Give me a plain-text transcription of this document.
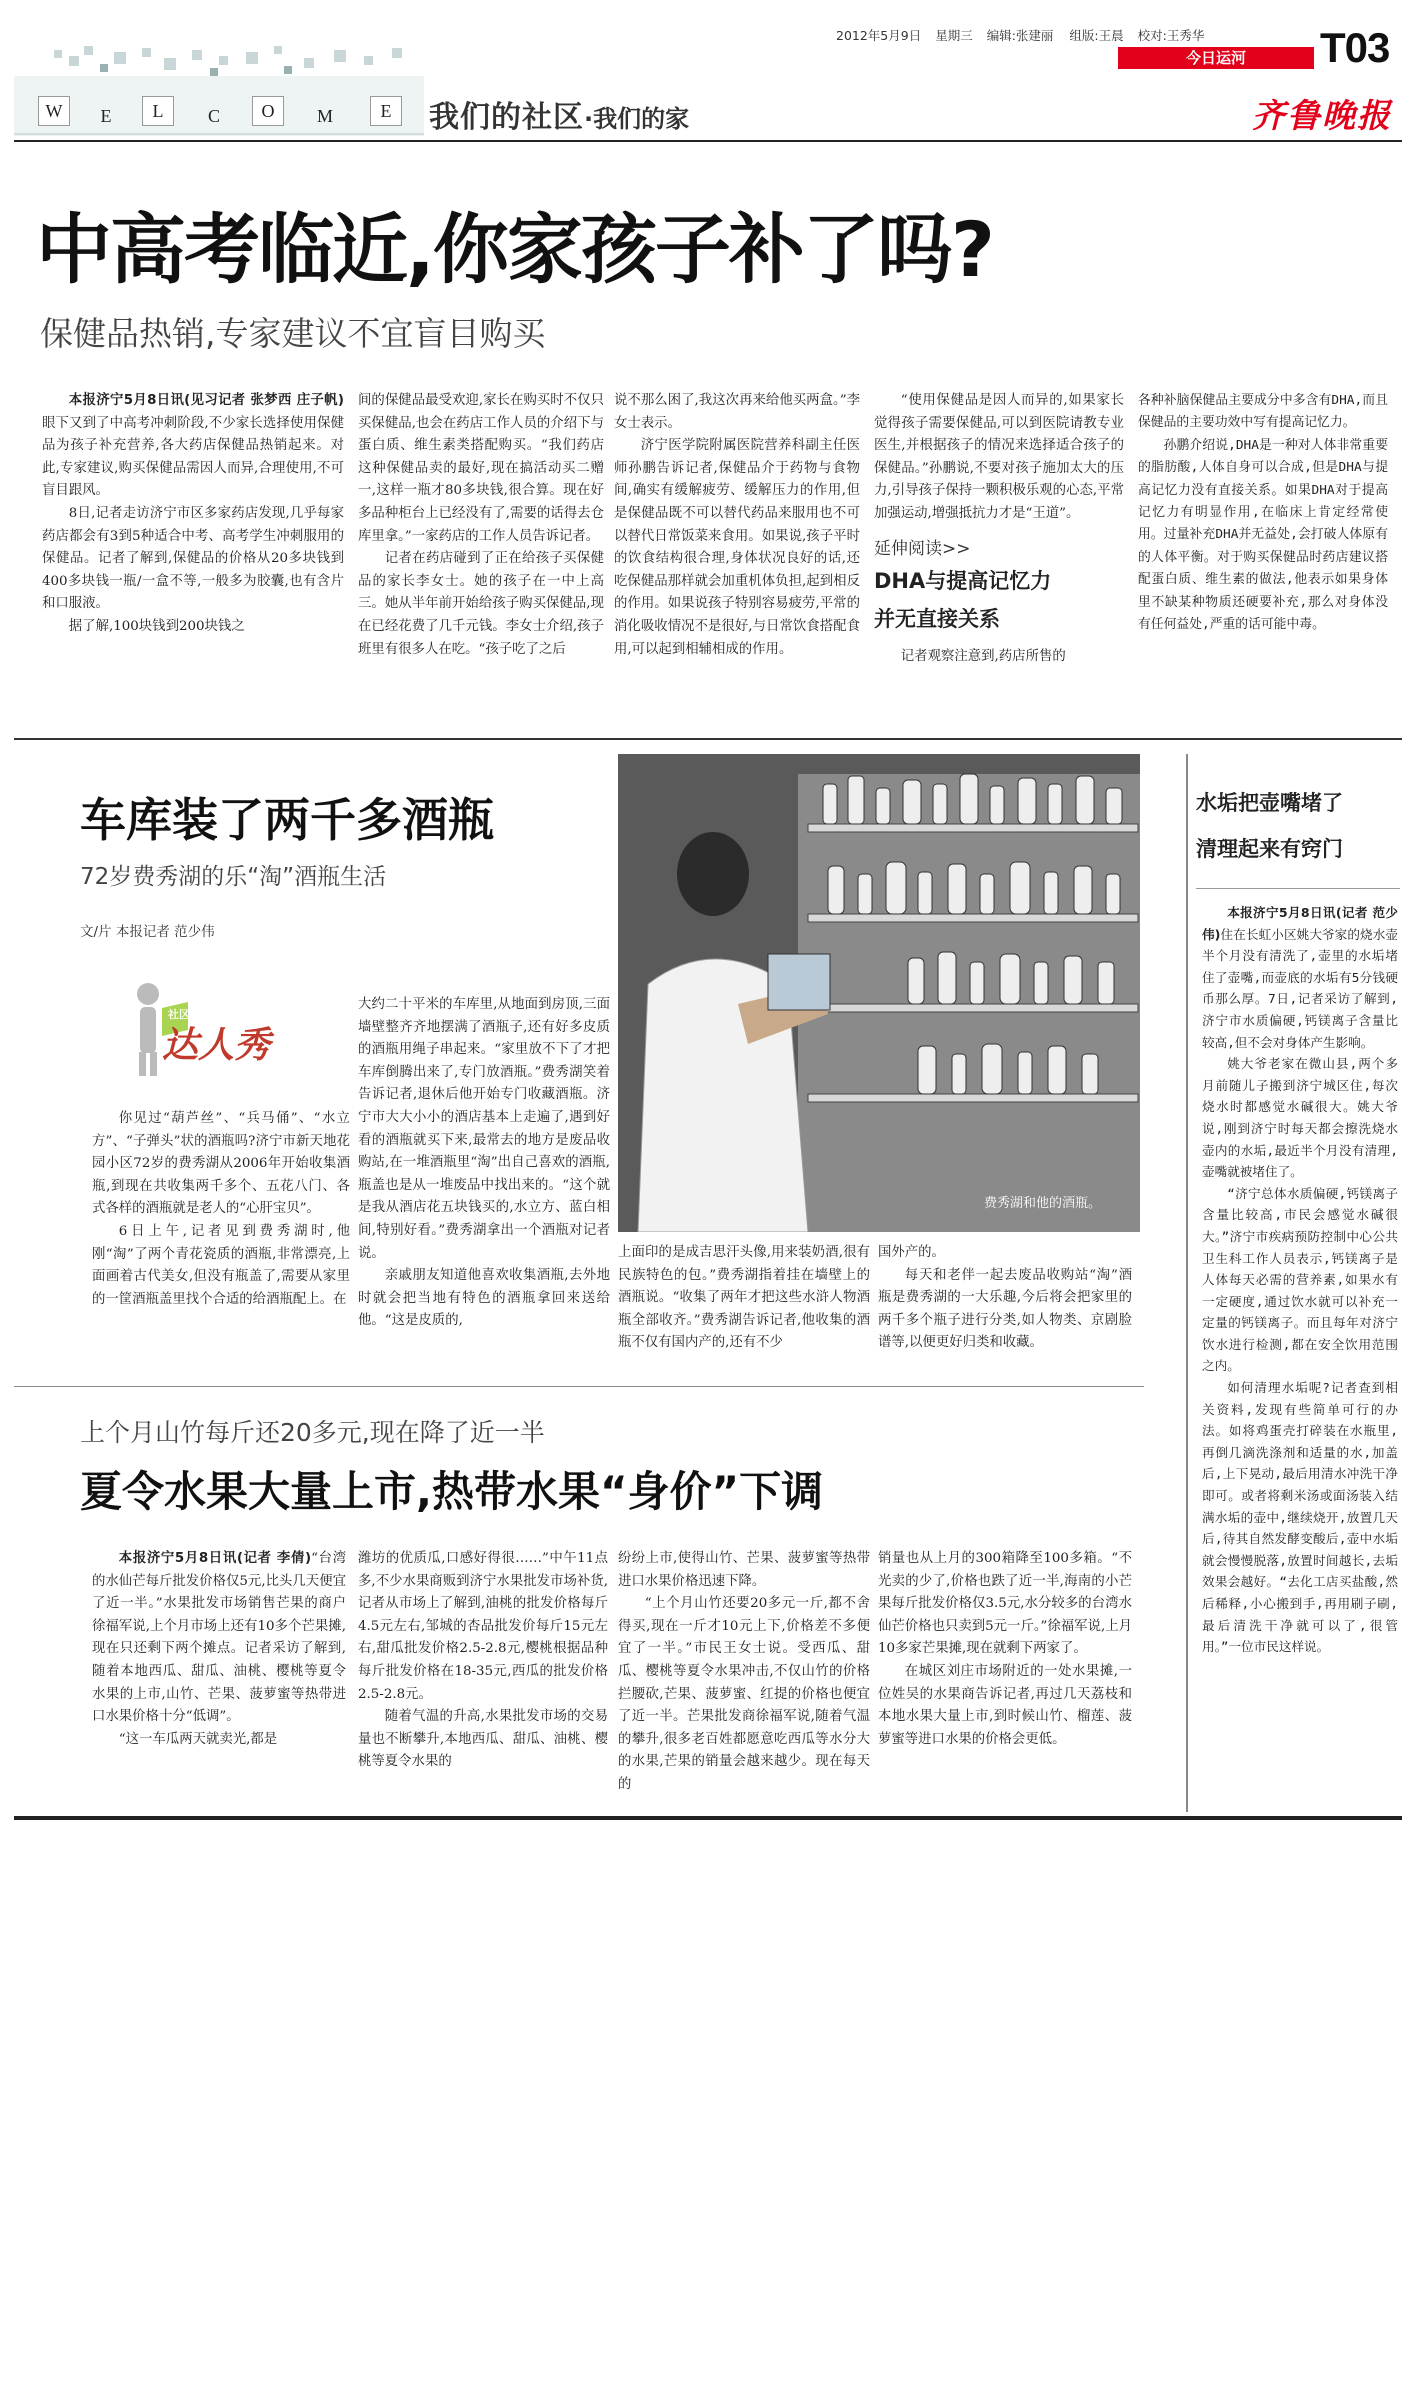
2012年5月9日 星期三 编辑:张建丽 组版:王晨 校对:王秀华
今日运河	T03
W	E	L	C	O	M	E	我们的社区·我们的家	齐鲁晚报
中高考临近,你家孩子补了吗?
保健品热销,专家建议不宜盲目购买

本报济宁5月8日讯(见习记者 张梦西 庄子帆)眼下又到了中高考冲刺阶段,不少家长选择使用保健品为孩子补充营养,各大药店保健品热销起来。对此,专家建议,购买保健品需因人而异,合理使用,不可盲目跟风。

8日,记者走访济宁市区多家药店发现,几乎每家药店都会有3到5种适合中考、高考学生冲刺服用的保健品。记者了解到,保健品的价格从20多块钱到400多块钱一瓶/一盒不等,一般多为胶囊,也有含片和口服液。

据了解,100块钱到200块钱之

间的保健品最受欢迎,家长在购买时不仅只买保健品,也会在药店工作人员的介绍下与蛋白质、维生素类搭配购买。“我们药店这种保健品卖的最好,现在搞活动买二赠一,这样一瓶才80多块钱,很合算。现在好多品种柜台上已经没有了,需要的话得去仓库里拿。”一家药店的工作人员告诉记者。

记者在药店碰到了正在给孩子买保健品的家长李女士。她的孩子在一中上高三。她从半年前开始给孩子购买保健品,现在已经花费了几千元钱。李女士介绍,孩子班里有很多人在吃。“孩子吃了之后

说不那么困了,我这次再来给他买两盒。”李女士表示。

济宁医学院附属医院营养科副主任医师孙鹏告诉记者,保健品介于药物与食物间,确实有缓解疲劳、缓解压力的作用,但是保健品既不可以替代药品来服用也不可以替代日常饭菜来食用。如果说,孩子平时的饮食结构很合理,身体状况良好的话,还吃保健品那样就会加重机体负担,起到相反的作用。如果说孩子特别容易疲劳,平常的消化吸收情况不是很好,与日常饮食搭配食用,可以起到相辅相成的作用。

“使用保健品是因人而异的,如果家长觉得孩子需要保健品,可以到医院请教专业医生,并根据孩子的情况来选择适合孩子的保健品。”孙鹏说,不要对孩子施加太大的压力,引导孩子保持一颗积极乐观的心态,平常加强运动,增强抵抗力才是“王道”。

延伸阅读>>
DHA与提高记忆力
并无直接关系

记者观察注意到,药店所售的

各种补脑保健品主要成分中多含有DHA,而且保健品的主要功效中写有提高记忆力。

孙鹏介绍说,DHA是一种对人体非常重要的脂肪酸,人体自身可以合成,但是DHA与提高记忆力没有直接关系。如果DHA对于提高记忆力有明显作用,在临床上肯定经常使用。过量补充DHA并无益处,会打破人体原有的人体平衡。对于购买保健品时药店建议搭配蛋白质、维生素的做法,他表示如果身体里不缺某种物质还硬要补充,那么对身体没有任何益处,严重的话可能中毒。

车库装了两千多酒瓶
72岁费秀湖的乐“淘”酒瓶生活
文/片 本报记者 范少伟
社区
达人秀

你见过“葫芦丝”、“兵马俑”、“水立方”、“子弹头”状的酒瓶吗?济宁市新天地花园小区72岁的费秀湖从2006年开始收集酒瓶,到现在共收集两千多个、五花八门、各式各样的酒瓶就是老人的“心肝宝贝”。

6日上午,记者见到费秀湖时,他刚“淘”了两个青花瓷质的酒瓶,非常漂亮,上面画着古代美女,但没有瓶盖了,需要从家里的一筐酒瓶盖里找个合适的给酒瓶配上。在

大约二十平米的车库里,从地面到房顶,三面墙壁整齐齐地摆满了酒瓶子,还有好多皮质的酒瓶用绳子串起来。“家里放不下了才把车库倒腾出来了,专门放酒瓶。”费秀湖笑着告诉记者,退休后他开始专门收藏酒瓶。济宁市大大小小的酒店基本上走遍了,遇到好看的酒瓶就买下来,最常去的地方是废品收购站,在一堆酒瓶里“淘”出自己喜欢的酒瓶,瓶盖也是从一堆废品中找出来的。“这个就是我从酒店花五块钱买的,水立方、蓝白相间,特别好看。”费秀湖拿出一个酒瓶对记者说。

亲戚朋友知道他喜欢收集酒瓶,去外地时就会把当地有特色的酒瓶拿回来送给他。“这是皮质的,

费秀湖和他的酒瓶。

上面印的是成吉思汗头像,用来装奶酒,很有民族特色的包。”费秀湖指着挂在墙壁上的酒瓶说。“收集了两年才把这些水浒人物酒瓶全部收齐。”费秀湖告诉记者,他收集的酒瓶不仅有国内产的,还有不少

国外产的。

每天和老伴一起去废品收购站“淘”酒瓶是费秀湖的一大乐趣,今后将会把家里的两千多个瓶子进行分类,如人物类、京剧脸谱等,以便更好归类和收藏。

上个月山竹每斤还20多元,现在降了近一半
夏令水果大量上市,热带水果“身价”下调

本报济宁5月8日讯(记者 李倩)“台湾的水仙芒每斤批发价格仅5元,比头几天便宜了近一半。”水果批发市场销售芒果的商户徐福军说,上个月市场上还有10多个芒果摊,现在只还剩下两个摊点。记者采访了解到,随着本地西瓜、甜瓜、油桃、樱桃等夏令水果的上市,山竹、芒果、菠萝蜜等热带进口水果价格十分“低调”。

“这一车瓜两天就卖光,都是

潍坊的优质瓜,口感好得很……”中午11点多,不少水果商贩到济宁水果批发市场补货,记者从市场上了解到,油桃的批发价格每斤4.5元左右,邹城的杏品批发价每斤15元左右,甜瓜批发价格2.5-2.8元,樱桃根据品种每斤批发价格在18-35元,西瓜的批发价格2.5-2.8元。

随着气温的升高,水果批发市场的交易量也不断攀升,本地西瓜、甜瓜、油桃、樱桃等夏令水果的

纷纷上市,使得山竹、芒果、菠萝蜜等热带进口水果价格迅速下降。

“上个月山竹还要20多元一斤,都不舍得买,现在一斤才10元上下,价格差不多便宜了一半。”市民王女士说。受西瓜、甜瓜、樱桃等夏令水果冲击,不仅山竹的价格拦腰砍,芒果、菠萝蜜、红提的价格也便宜了近一半。芒果批发商徐福军说,随着气温的攀升,很多老百姓都愿意吃西瓜等水分大的水果,芒果的销量会越来越少。现在每天的

销量也从上月的300箱降至100多箱。“不光卖的少了,价格也跌了近一半,海南的小芒果每斤批发价格仅3.5元,水分较多的台湾水仙芒价格也只卖到5元一斤。”徐福军说,上月10多家芒果摊,现在就剩下两家了。

在城区刘庄市场附近的一处水果摊,一位姓吴的水果商告诉记者,再过几天荔枝和本地水果大量上市,到时候山竹、榴莲、菠萝蜜等进口水果的价格会更低。

水垢把壶嘴堵了
清理起来有窍门

本报济宁5月8日讯(记者 范少伟)住在长虹小区姚大爷家的烧水壶半个月没有清洗了,壶里的水垢堵住了壶嘴,而壶底的水垢有5分钱硬币那么厚。7日,记者采访了解到,济宁市水质偏硬,钙镁离子含量比较高,但不会对身体产生影响。

姚大爷老家在微山县,两个多月前随儿子搬到济宁城区住,每次烧水时都感觉水碱很大。姚大爷说,刚到济宁时每天都会擦洗烧水壶内的水垢,最近半个月没有清理,壶嘴就被堵住了。

“济宁总体水质偏硬,钙镁离子含量比较高,市民会感觉水碱很大。”济宁市疾病预防控制中心公共卫生科工作人员表示,钙镁离子是人体每天必需的营养素,如果水有一定硬度,通过饮水就可以补充一定量的钙镁离子。而且每年对济宁饮水进行检测,都在安全饮用范围之内。

如何清理水垢呢?记者查到相关资料,发现有些简单可行的办法。如将鸡蛋壳打碎装在水瓶里,再倒几滴洗涤剂和适量的水,加盖后,上下晃动,最后用清水冲洗干净即可。或者将剩米汤或面汤装入结满水垢的壶中,继续烧开,放置几天后,待其自然发酵变酸后,壶中水垢就会慢慢脱落,放置时间越长,去垢效果会越好。“去化工店买盐酸,然后稀释,小心搬到手,再用刷子刷,最后清洗干净就可以了,很管用。”一位市民这样说。
